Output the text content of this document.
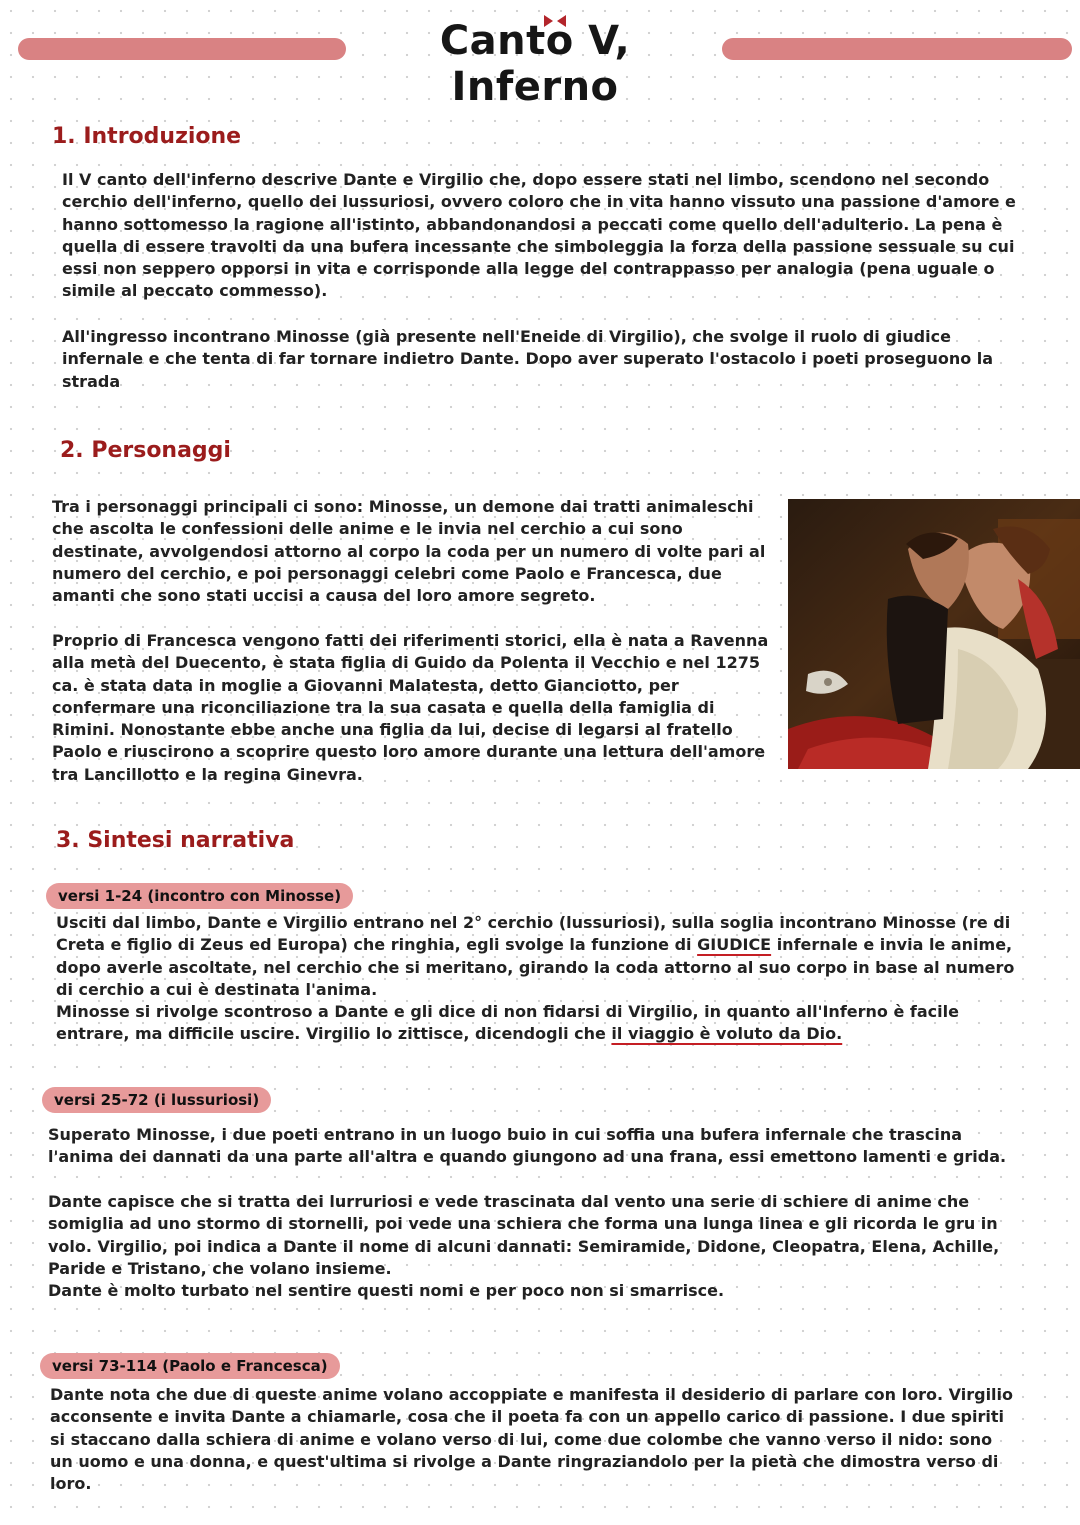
Canto V, Inferno
1. Introduzione
Il V canto dell'inferno descrive Dante e Virgilio che, dopo essere stati nel limbo, scendono nel secondo cerchio dell'inferno, quello dei lussuriosi, ovvero coloro che in vita hanno vissuto una passione d'amore e hanno sottomesso la ragione all'istinto, abbandonandosi a peccati come quello dell'adulterio. La pena è quella di essere travolti da una bufera incessante che simboleggia la forza della passione sessuale su cui essi non seppero opporsi in vita e corrisponde alla legge del contrappasso per analogia (pena uguale o simile al peccato commesso).
All'ingresso incontrano Minosse (già presente nell'Eneide di Virgilio), che svolge il ruolo di giudice infernale e che tenta di far tornare indietro Dante. Dopo aver superato l'ostacolo i poeti proseguono la strada
2. Personaggi
Tra i personaggi principali ci sono: Minosse, un demone dai tratti animaleschi che ascolta le confessioni delle anime e le invia nel cerchio a cui sono destinate, avvolgendosi attorno al corpo la coda per un numero di volte pari al numero del cerchio, e poi personaggi celebri come Paolo e Francesca, due amanti che sono stati uccisi a causa del loro amore segreto.
Proprio di Francesca vengono fatti dei riferimenti storici, ella è nata a Ravenna alla metà del Duecento, è stata figlia di Guido da Polenta il Vecchio e nel 1275 ca. è stata data in moglie a Giovanni Malatesta, detto Gianciotto, per confermare una riconciliazione tra la sua casata e quella della famiglia di Rimini. Nonostante ebbe anche una figlia da lui, decise di legarsi al fratello Paolo e riuscirono a scoprire questo loro amore durante una lettura dell'amore tra Lancillotto e la regina Ginevra.
3. Sintesi narrativa
versi 1-24 (incontro con Minosse)
Usciti dal limbo, Dante e Virgilio entrano nel 2° cerchio (lussuriosi), sulla soglia incontrano Minosse (re di Creta e figlio di Zeus ed Europa) che ringhia, egli svolge la funzione di GIUDICE infernale e invia le anime, dopo averle ascoltate, nel cerchio che si meritano, girando la coda attorno al suo corpo in base al numero di cerchio a cui è destinata l'anima.
Minosse si rivolge scontroso a Dante e gli dice di non fidarsi di Virgilio, in quanto all'Inferno è facile entrare, ma difficile uscire. Virgilio lo zittisce, dicendogli che il viaggio è voluto da Dio.
versi 25-72 (i lussuriosi)
Superato Minosse, i due poeti entrano in un luogo buio in cui soffia una bufera infernale che trascina l'anima dei dannati da una parte all'altra e quando giungono ad una frana, essi emettono lamenti e grida.
Dante capisce che si tratta dei lurruriosi e vede trascinata dal vento una serie di schiere di anime che somiglia ad uno stormo di stornelli, poi vede una schiera che forma una lunga linea e gli ricorda le gru in volo. Virgilio, poi indica a Dante il nome di alcuni dannati: Semiramide, Didone, Cleopatra, Elena, Achille, Paride e Tristano, che volano insieme.
Dante è molto turbato nel sentire questi nomi e per poco non si smarrisce.
versi 73-114 (Paolo e Francesca)
Dante nota che due di queste anime volano accoppiate e manifesta il desiderio di parlare con loro. Virgilio acconsente e invita Dante a chiamarle, cosa che il poeta fa con un appello carico di passione. I due spiriti si staccano dalla schiera di anime e volano verso di lui, come due colombe che vanno verso il nido: sono un uomo e una donna, e quest'ultima si rivolge a Dante ringraziandolo per la pietà che dimostra verso di loro.
